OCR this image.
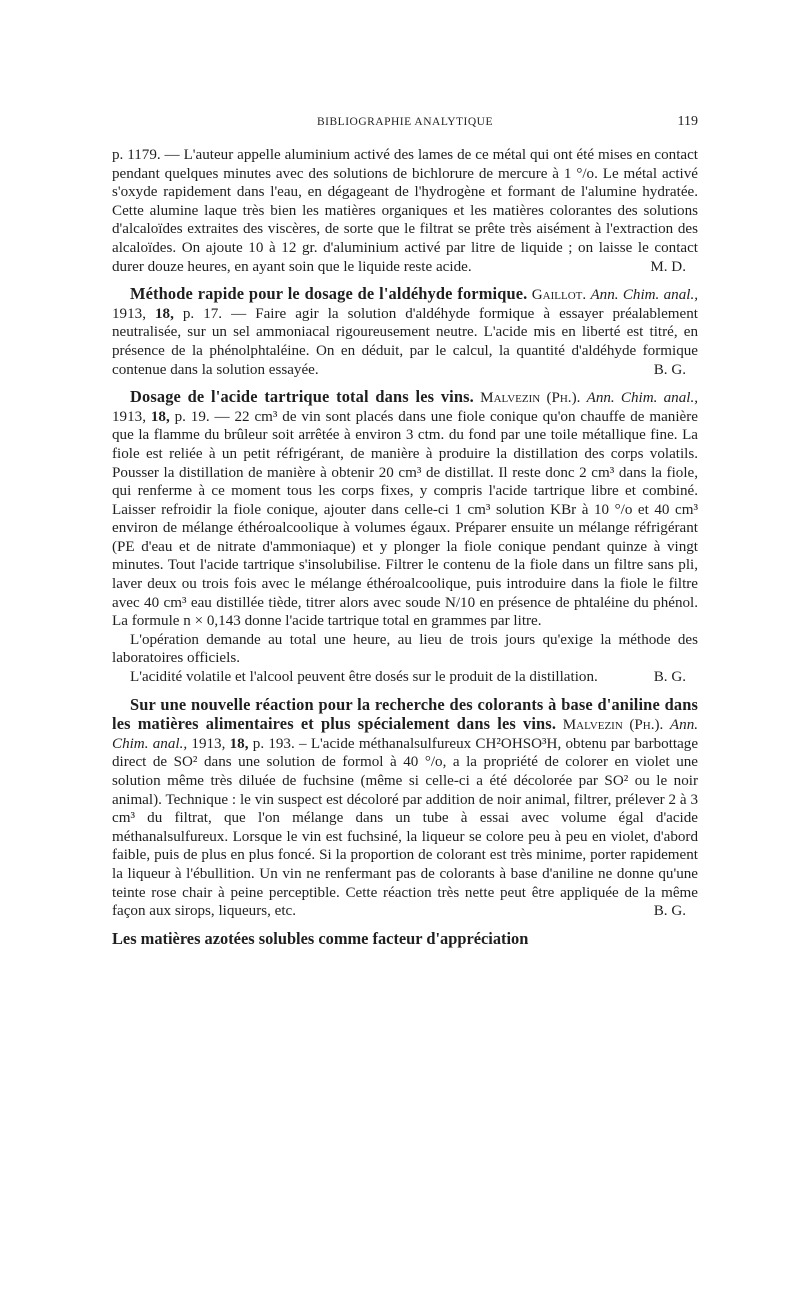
BIBLIOGRAPHIE ANALYTIQUE	119

p. 1179. — L'auteur appelle aluminium activé des lames de ce métal qui ont été mises en contact pendant quelques minutes avec des solutions de bichlorure de mercure à 1 °/o. Le métal activé s'oxyde rapidement dans l'eau, en dégageant de l'hydrogène et formant de l'alumine hydratée. Cette alumine laque très bien les matières organiques et les matières colorantes des solutions d'alcaloïdes extraites des viscères, de sorte que le filtrat se prête très aisément à l'extraction des alcaloïdes. On ajoute 10 à 12 gr. d'aluminium activé par litre de liquide ; on laisse le contact durer douze heures, en ayant soin que le liquide reste acide.	M. D.

Méthode rapide pour le dosage de l'aldéhyde formique. Gaillot. Ann. Chim. anal., 1913, 18, p. 17. — Faire agir la solution d'aldéhyde formique à essayer préalablement neutralisée, sur un sel ammoniacal rigoureusement neutre. L'acide mis en liberté est titré, en présence de la phénolphtaléine. On en déduit, par le calcul, la quantité d'aldéhyde formique contenue dans la solution essayée.	B. G.

Dosage de l'acide tartrique total dans les vins. Malvezin (Ph.). Ann. Chim. anal., 1913, 18, p. 19. — 22 cm³ de vin sont placés dans une fiole conique qu'on chauffe de manière que la flamme du brûleur soit arrêtée à environ 3 ctm. du fond par une toile métallique fine. La fiole est reliée à un petit réfrigérant, de manière à produire la distillation des corps volatils. Pousser la distillation de manière à obtenir 20 cm³ de distillat. Il reste donc 2 cm³ dans la fiole, qui renferme à ce moment tous les corps fixes, y compris l'acide tartrique libre et combiné. Laisser refroidir la fiole conique, ajouter dans celle-ci 1 cm³ solution KBr à 10 °/o et 40 cm³ environ de mélange éthéroalcoolique à volumes égaux. Préparer ensuite un mélange réfrigérant (PE d'eau et de nitrate d'ammoniaque) et y plonger la fiole conique pendant quinze à vingt minutes. Tout l'acide tartrique s'insolubilise. Filtrer le contenu de la fiole dans un filtre sans pli, laver deux ou trois fois avec le mélange éthéroalcoolique, puis introduire dans la fiole le filtre avec 40 cm³ eau distillée tiède, titrer alors avec soude N/10 en présence de phtaléine du phénol. La formule n × 0,143 donne l'acide tartrique total en grammes par litre.

L'opération demande au total une heure, au lieu de trois jours qu'exige la méthode des laboratoires officiels.

L'acidité volatile et l'alcool peuvent être dosés sur le produit de la distillation.	B. G.

Sur une nouvelle réaction pour la recherche des colorants à base d'aniline dans les matières alimentaires et plus spécialement dans les vins. Malvezin (Ph.). Ann. Chim. anal., 1913, 18, p. 193. – L'acide méthanalsulfureux CH²OHSO³H, obtenu par barbottage direct de SO² dans une solution de formol à 40 °/o, a la propriété de colorer en violet une solution même très diluée de fuchsine (même si celle-ci a été décolorée par SO² ou le noir animal). Technique : le vin suspect est décoloré par addition de noir animal, filtrer, prélever 2 à 3 cm³ du filtrat, que l'on mélange dans un tube à essai avec volume égal d'acide méthanalsulfureux. Lorsque le vin est fuchsiné, la liqueur se colore peu à peu en violet, d'abord faible, puis de plus en plus foncé. Si la proportion de colorant est très minime, porter rapidement la liqueur à l'ébullition. Un vin ne renfermant pas de colorants à base d'aniline ne donne qu'une teinte rose chair à peine perceptible. Cette réaction très nette peut être appliquée de la même façon aux sirops, liqueurs, etc.	B. G.

Les matières azotées solubles comme facteur d'appréciation
